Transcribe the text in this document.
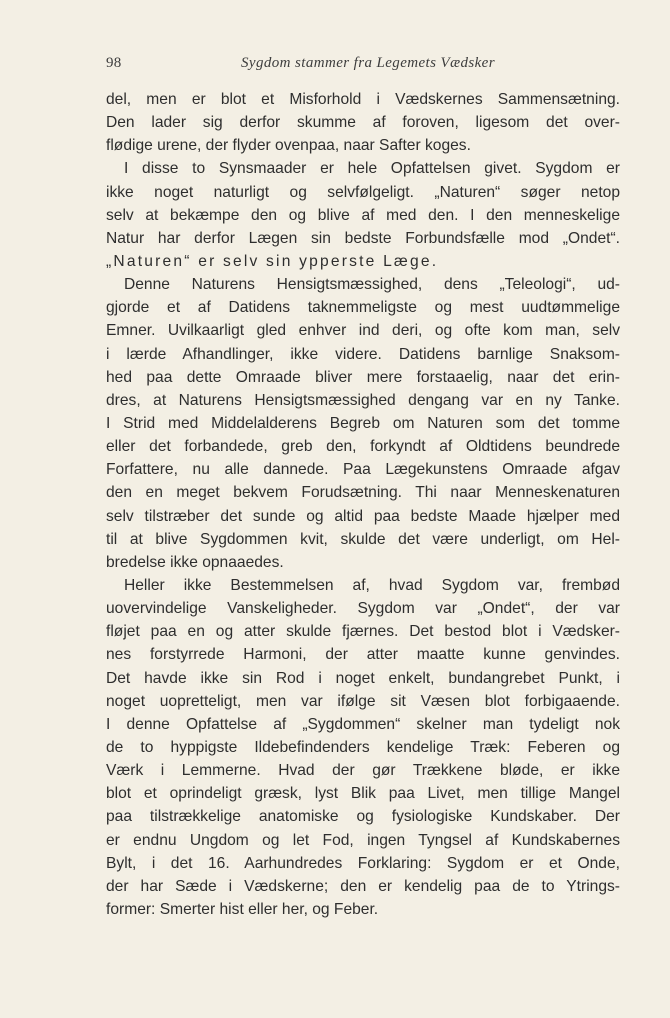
98	Sygdom stammer fra Legemets Vædsker
del, men er blot et Misforhold i Vædskernes Sammensætning.
Den lader sig derfor skumme af foroven, ligesom det over-
flødige urene, der flyder ovenpaa, naar Safter koges.
I disse to Synsmaader er hele Opfattelsen givet. Sygdom er
ikke noget naturligt og selvfølgeligt. „Naturen“ søger netop
selv at bekæmpe den og blive af med den. I den menneskelige
Natur har derfor Lægen sin bedste Forbundsfælle mod „Ondet“.
„Naturen“ er selv sin ypperste Læge.
Denne Naturens Hensigtsmæssighed, dens „Teleologi“, ud-
gjorde et af Datidens taknemmeligste og mest uudtømmelige
Emner. Uvilkaarligt gled enhver ind deri, og ofte kom man, selv
i lærde Afhandlinger, ikke videre. Datidens barnlige Snaksom-
hed paa dette Omraade bliver mere forstaaelig, naar det erin-
dres, at Naturens Hensigtsmæssighed dengang var en ny Tanke.
I Strid med Middelalderens Begreb om Naturen som det tomme
eller det forbandede, greb den, forkyndt af Oldtidens beundrede
Forfattere, nu alle dannede. Paa Lægekunstens Omraade afgav
den en meget bekvem Forudsætning. Thi naar Menneskenaturen
selv tilstræber det sunde og altid paa bedste Maade hjælper med
til at blive Sygdommen kvit, skulde det være underligt, om Hel-
bredelse ikke opnaaedes.
Heller ikke Bestemmelsen af, hvad Sygdom var, frembød
uovervindelige Vanskeligheder. Sygdom var „Ondet“, der var
fløjet paa en og atter skulde fjærnes. Det bestod blot i Vædsker-
nes forstyrrede Harmoni, der atter maatte kunne genvindes.
Det havde ikke sin Rod i noget enkelt, bundangrebet Punkt, i
noget uopretteligt, men var ifølge sit Væsen blot forbigaaende.
I denne Opfattelse af „Sygdommen“ skelner man tydeligt nok
de to hyppigste Ildebefindenders kendelige Træk: Feberen og
Værk i Lemmerne. Hvad der gør Trækkene bløde, er ikke
blot et oprindeligt græsk, lyst Blik paa Livet, men tillige Mangel
paa tilstrækkelige anatomiske og fysiologiske Kundskaber. Der
er endnu Ungdom og let Fod, ingen Tyngsel af Kundskabernes
Bylt, i det 16. Aarhundredes Forklaring: Sygdom er et Onde,
der har Sæde i Vædskerne; den er kendelig paa de to Ytrings-
former: Smerter hist eller her, og Feber.
